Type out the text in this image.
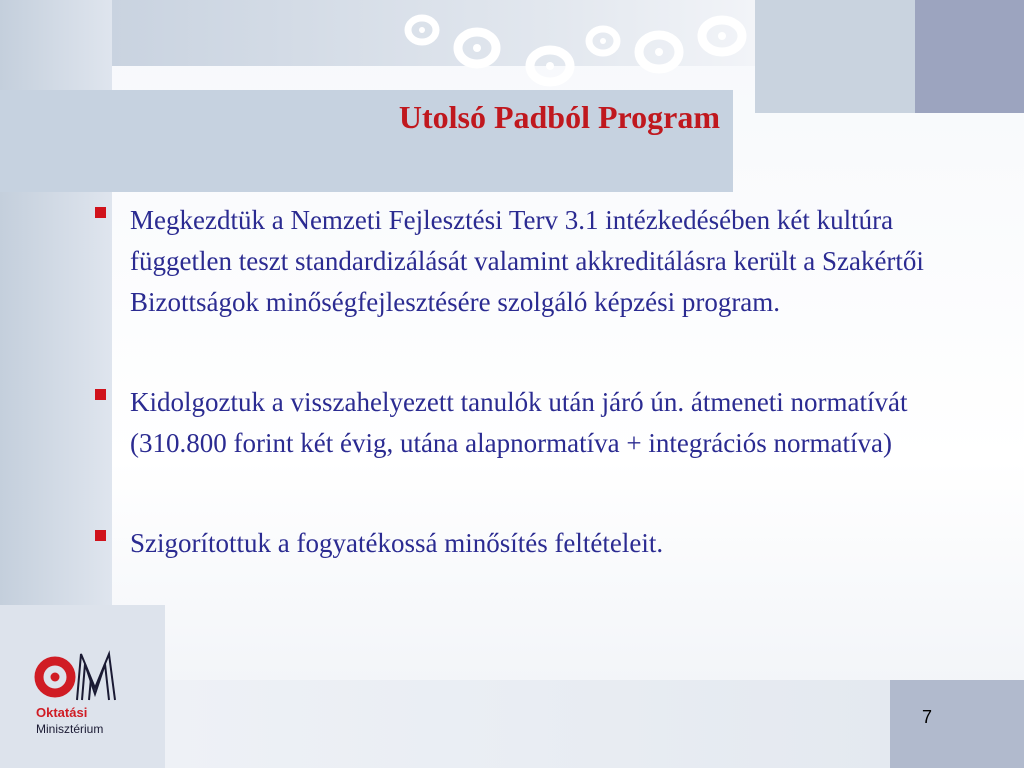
Utolsó Padból Program
Megkezdtük a Nemzeti Fejlesztési Terv 3.1 intézkedésében két kultúra független teszt standardizálását valamint akkreditálásra került a Szakértői Bizottságok minőségfejlesztésére szolgáló képzési program.
Kidolgoztuk a visszahelyezett tanulók után járó ún. átmeneti normatívát (310.800 forint két évig, utána alapnormatíva + integrációs normatíva)
Szigorítottuk a fogyatékossá minősítés feltételeit.
Oktatási
Minisztérium
7
